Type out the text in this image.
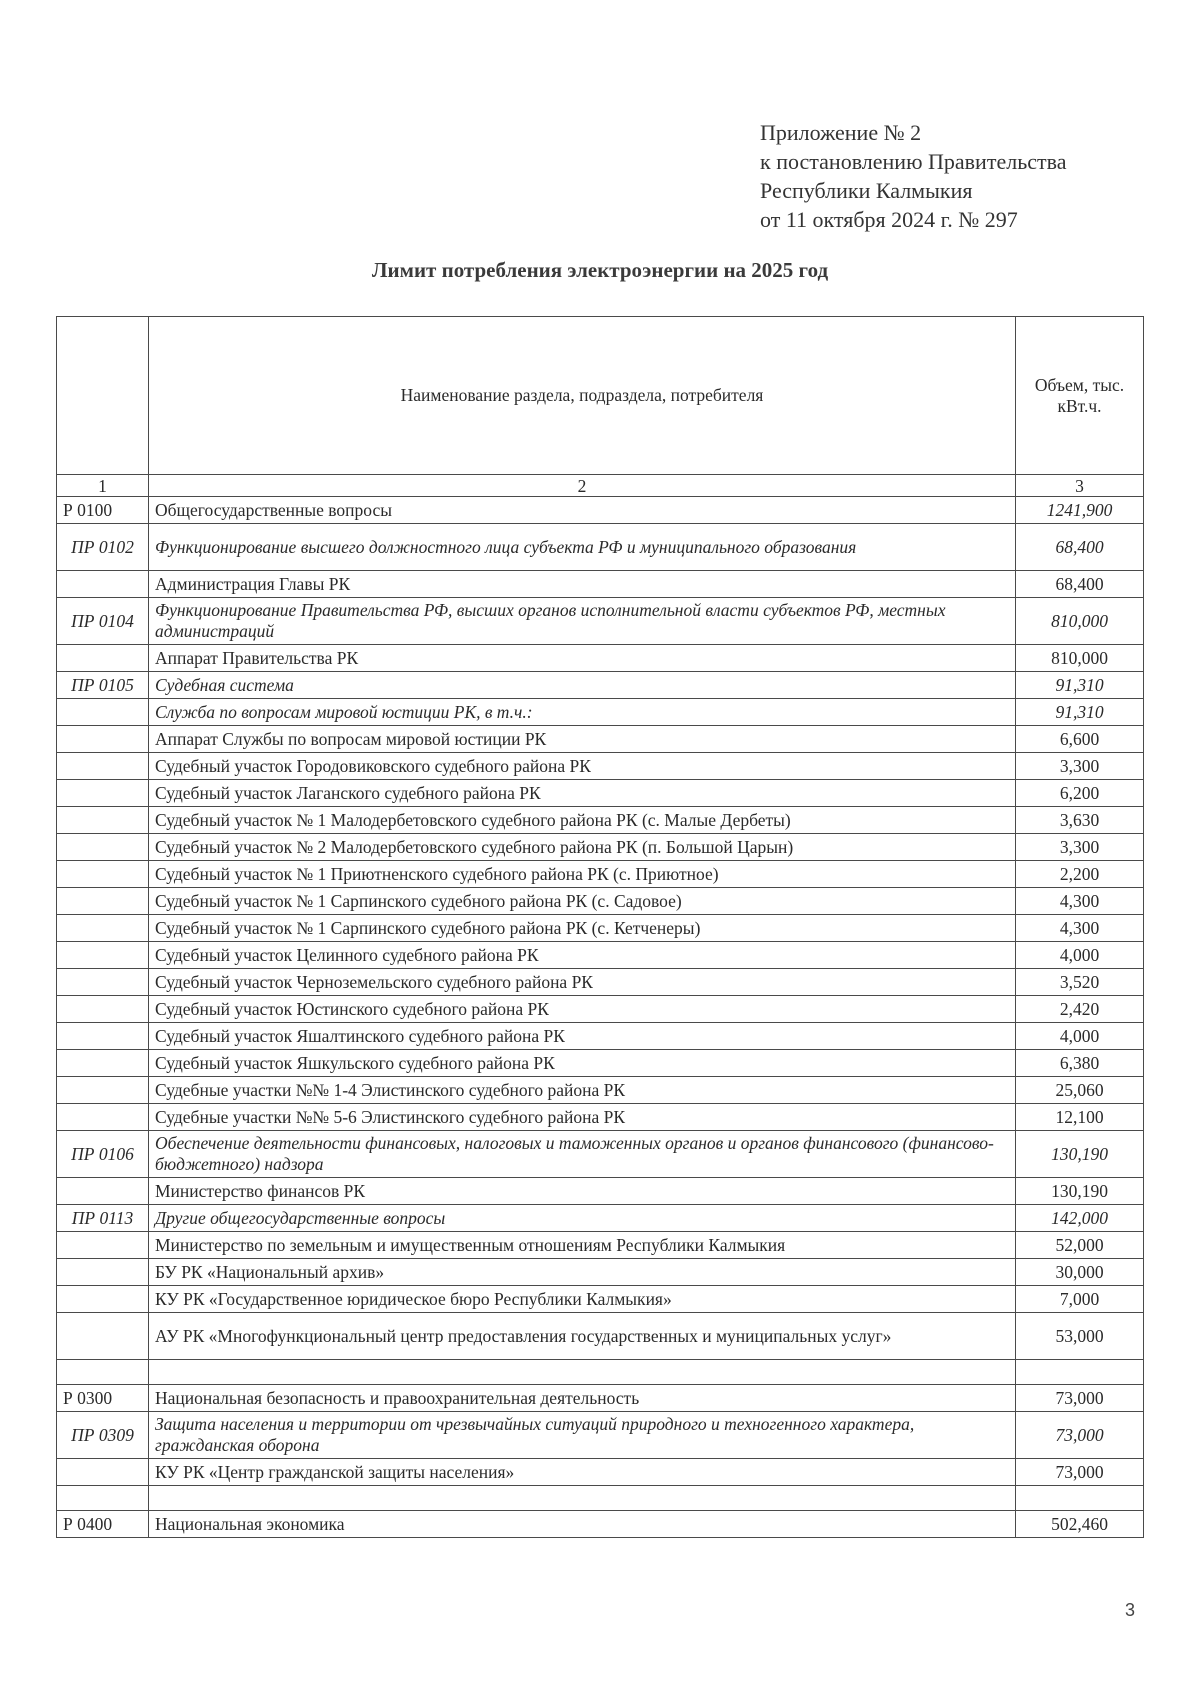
Приложение № 2
к постановлению Правительства
Республики Калмыкия
от 11 октября 2024 г. № 297
Лимит потребления электроэнергии на 2025 год
	Наименование раздела, подраздела, потребителя	Объем, тыс. кВт.ч.
1	2	3
Р 0100	Общегосударственные вопросы	1241,900
ПР 0102	Функционирование высшего должностного лица субъекта РФ и муниципального образования	68,400
	Администрация Главы РК	68,400
ПР 0104	Функционирование Правительства РФ, высших органов исполнительной власти субъектов РФ, местных администраций	810,000
	Аппарат Правительства РК	810,000
ПР 0105	Судебная система	91,310
	Служба по вопросам мировой юстиции РК, в т.ч.:	91,310
	Аппарат Службы по вопросам мировой юстиции РК	6,600
	Судебный участок Городовиковского судебного района РК	3,300
	Судебный участок Лаганского судебного района РК	6,200
	Судебный участок № 1 Малодербетовского судебного района РК (с. Малые Дербеты)	3,630
	Судебный участок № 2 Малодербетовского судебного района РК (п. Большой Царын)	3,300
	Судебный участок № 1 Приютненского судебного района РК (с. Приютное)	2,200
	Судебный участок № 1 Сарпинского судебного района РК (с. Садовое)	4,300
	Судебный участок № 1 Сарпинского судебного района РК (с. Кетченеры)	4,300
	Судебный участок Целинного судебного района РК	4,000
	Судебный участок Черноземельского судебного района РК	3,520
	Судебный участок Юстинского судебного района РК	2,420
	Судебный участок Яшалтинского судебного района РК	4,000
	Судебный участок Яшкульского судебного района РК	6,380
	Судебные участки №№ 1-4 Элистинского судебного района РК	25,060
	Судебные участки №№ 5-6 Элистинского судебного района РК	12,100
ПР 0106	Обеспечение деятельности финансовых, налоговых и таможенных органов и органов финансового (финансово-бюджетного) надзора	130,190
	Министерство финансов РК	130,190
ПР 0113	Другие общегосударственные вопросы	142,000
	Министерство по земельным и имущественным отношениям Республики Калмыкия	52,000
	БУ РК «Национальный архив»	30,000
	КУ РК «Государственное юридическое бюро Республики Калмыкия»	7,000
	АУ РК «Многофункциональный центр предоставления государственных и муниципальных услуг»	53,000

Р 0300	Национальная безопасность и правоохранительная деятельность	73,000
ПР 0309	Защита населения и территории от чрезвычайных ситуаций природного и техногенного характера, гражданская оборона	73,000
	КУ РК «Центр гражданской защиты населения»	73,000

Р 0400	Национальная экономика	502,460
3
